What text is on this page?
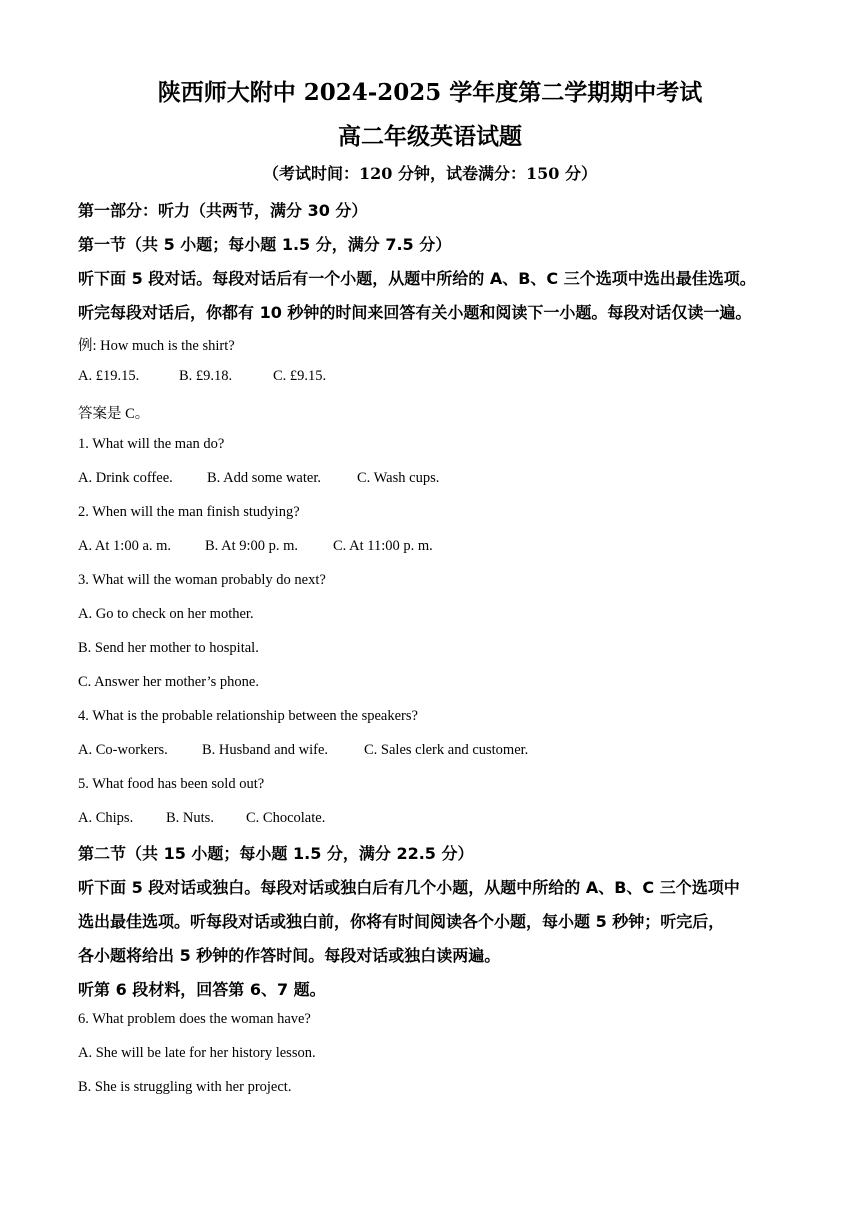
陕西师大附中 2024-2025 学年度第二学期期中考试
高二年级英语试题
（考试时间：120 分钟，试卷满分：150 分）
第一部分：听力（共两节，满分 30 分）
第一节（共 5 小题；每小题 1.5 分，满分 7.5 分）
听下面 5 段对话。每段对话后有一个小题，从题中所给的 A、B、C 三个选项中选出最佳选项。
听完每段对话后，你都有 10 秒钟的时间来回答有关小题和阅读下一小题。每段对话仅读一遍。
例: How much is the shirt?
A. £19.15.	B. £9.18.	C. £9.15.
答案是 C。
1. What will the man do?
A. Drink coffee. B. Add some water. C. Wash cups.
2. When will the man finish studying?
A. At 1:00 a. m. B. At 9:00 p. m. C. At 11:00 p. m.
3. What will the woman probably do next?
A. Go to check on her mother.
B. Send her mother to hospital.
C. Answer her mother’s phone.
4. What is the probable relationship between the speakers?
A. Co-workers. B. Husband and wife. C. Sales clerk and customer.
5. What food has been sold out?
A. Chips. B. Nuts. C. Chocolate.
第二节（共 15 小题；每小题 1.5 分，满分 22.5 分）
听下面 5 段对话或独白。每段对话或独白后有几个小题，从题中所给的 A、B、C 三个选项中
选出最佳选项。听每段对话或独白前，你将有时间阅读各个小题，每小题 5 秒钟；听完后，
各小题将给出 5 秒钟的作答时间。每段对话或独白读两遍。
听第 6 段材料，回答第 6、7 题。
6. What problem does the woman have?
A. She will be late for her history lesson.
B. She is struggling with her project.
